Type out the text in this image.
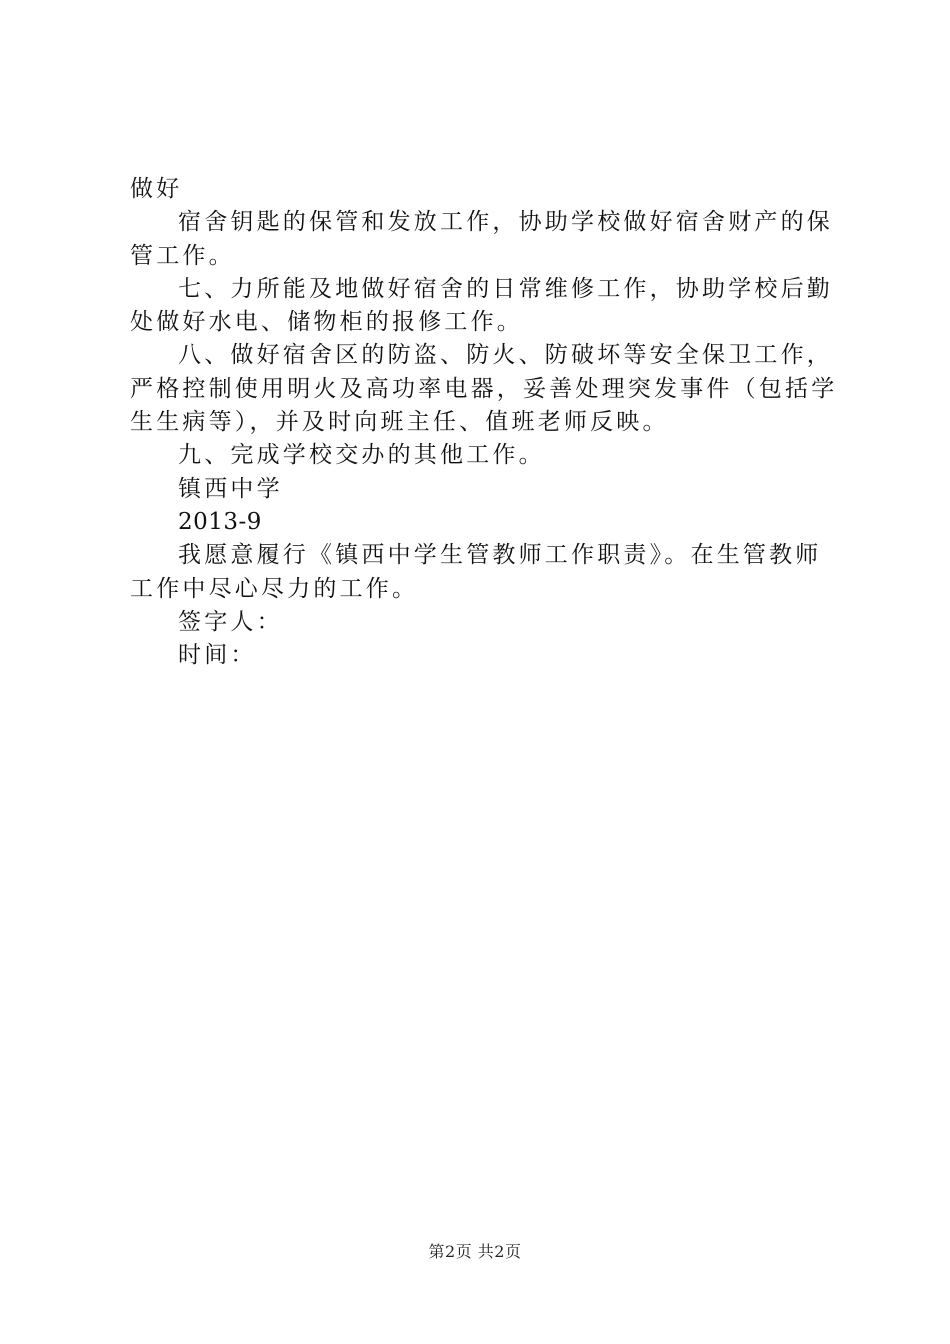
做好

宿舍钥匙的保管和发放工作，协助学校做好宿舍财产的保

管工作。

七、力所能及地做好宿舍的日常维修工作，协助学校后勤

处做好水电、储物柜的报修工作。

八、做好宿舍区的防盗、防火、防破坏等安全保卫工作，

严格控制使用明火及高功率电器，妥善处理突发事件（包括学

生生病等），并及时向班主任、值班老师反映。

九、完成学校交办的其他工作。

镇西中学

2013-9

我愿意履行《镇西中学生管教师工作职责》。在生管教师

工作中尽心尽力的工作。

签字人：

时间：

第2页 共2页
